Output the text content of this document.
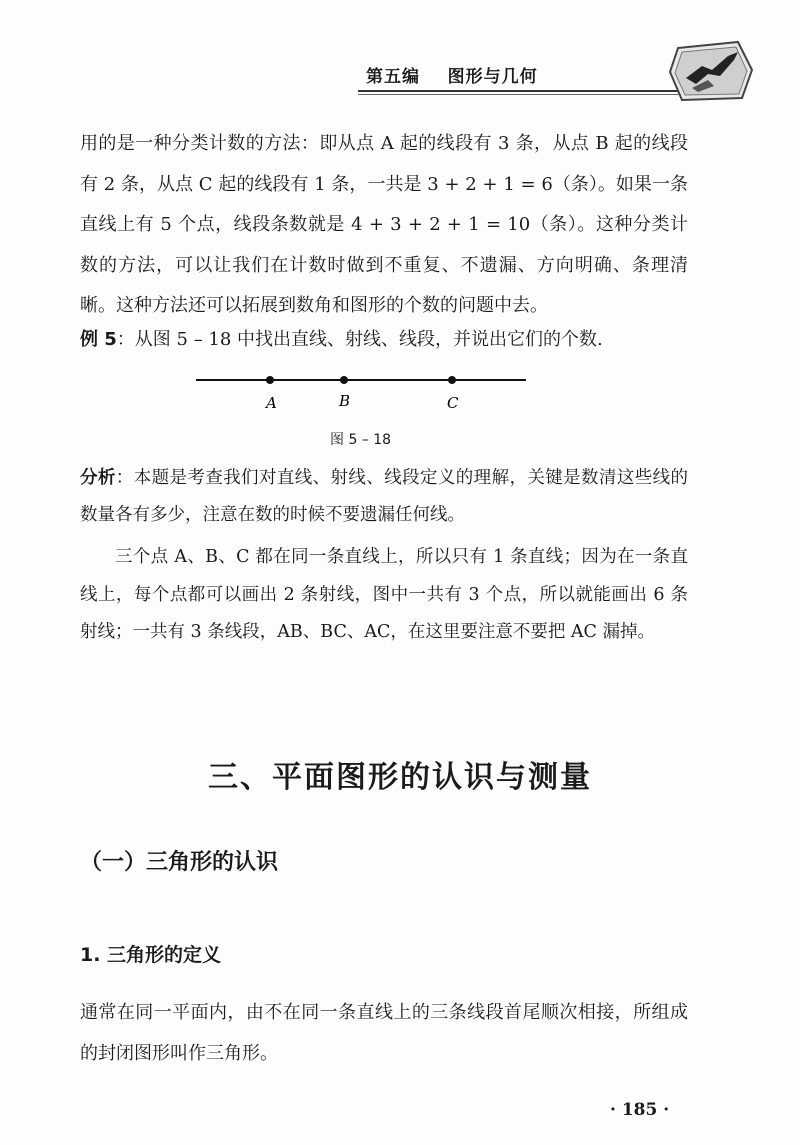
第五编    图形与几何

用的是一种分类计数的方法：即从点 A 起的线段有 3 条，从点 B 起的线段有 2 条，从点 C 起的线段有 1 条，一共是 3 + 2 + 1 = 6（条）。如果一条直线上有 5 个点，线段条数就是 4 + 3 + 2 + 1 = 10（条）。这种分类计数的方法，可以让我们在计数时做到不重复、不遗漏、方向明确、条理清晰。这种方法还可以拓展到数角和图形的个数的问题中去。

例 5：从图 5 – 18 中找出直线、射线、线段，并说出它们的个数.
A	B	C
图 5 – 18

分析：本题是考查我们对直线、射线、线段定义的理解，关键是数清这些线的数量各有多少，注意在数的时候不要遗漏任何线。

三个点 A、B、C 都在同一条直线上，所以只有 1 条直线；因为在一条直线上，每个点都可以画出 2 条射线，图中一共有 3 个点，所以就能画出 6 条射线；一共有 3 条线段，AB、BC、AC，在这里要注意不要把 AC 漏掉。

三、平面图形的认识与测量
（一）三角形的认识
1. 三角形的定义

通常在同一平面内，由不在同一条直线上的三条线段首尾顺次相接，所组成的封闭图形叫作三角形。

· 185 ·
